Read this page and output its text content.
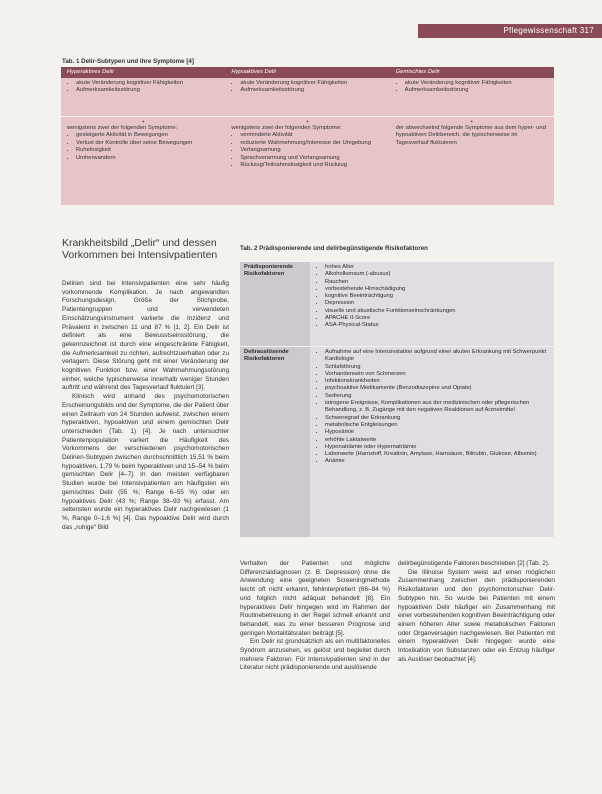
Pflegewissenschaft 317
Tab. 1 Delir-Subtypen und ihre Symptome [4]
Hyperaktives Delir	Hypoaktives Delir	Gemischtes Delir
• akute Veränderung kognitiver Fähigkeiten
• Aufmerksamkeitsstörung
• akute Veränderung kognitiver Fähigkeiten
• Aufmerksamkeitsstörung
• akute Veränderung kognitiver Fähigkeiten
• Aufmerksamkeitsstörung
+
wenigstens zwei der folgenden Symptome:
• gesteigerte Aktivität in Bewegungen
• Verlust der Kontrolle über seine Bewegungen
• Ruhelosigkeit
• Umherwandern
+
wenigstens zwei der folgenden Symptome:
• verminderte Aktivität
• reduzierte Wahrnehmung/Interesse der Umgebung
• Verlangsamung
• Sprachverarmung und Verlangsamung
• Rückzug/Teilnahmslosigkeit und Rückzug
+
der abwechselnd folgende Symptome aus dem hyper- und hypoaktiven Delirbereich, die typischerweise im Tagesverlauf fluktuieren
Krankheitsbild „Delir“ und dessen Vorkommen bei Intensivpatienten

Delirien sind bei Intensivpatienten eine sehr häufig vorkommende Komplikation. Je nach angewandten Forschungsdesign, Größe der Stichprobe, Patientengruppen und verwendeten Einschätzungsinstrument variierte die Inzidenz und Prävalenz in zwischen 11 und 87 % [1, 2]. Ein Delir ist definiert als eine Bewusstseinsstörung, die gekennzeichnet ist durch eine eingeschränkte Fähigkeit, die Aufmerksamkeit zu richten, aufrechtzuerhalten oder zu verlagern. Diese Störung geht mit einer Veränderung der kognitiven Funktion bzw. einer Wahrnehmungsstörung einher, welche typischerweise innerhalb weniger Stunden auftritt und während des Tagesverlauf fluktuiert [3].

Klinisch wird anhand des psychomotorischen Erscheinungsbilds und der Symptome, die der Patient über einen Zeitraum von 24 Stunden aufweist, zwischen einem hyperaktiven, hypoaktiven und einem gemischten Delir unterschieden (Tab. 1) [4]. Je nach untersuchter Patientenpopulation variiert die Häufigkeit des Vorkommens der verschiedenen psychomotorischen Delirien-Subtypen zwischen durchschnittlich 15,51 % beim hypoaktiven, 1,79 % beim hyperaktiven und 15–54 % beim gemischten Delir [4–7]. In den meisten verfügbaren Studien wurde bei Intensivpatienten am häufigsten ein gemischtes Delir (55 %; Range 6–55 %) oder ein hypoaktives Delir (43 %; Range 38–93 %) erfasst. Am seltensten wurde ein hyperaktives Delir nachgewiesen (1 %, Range 0–1,6 %) [4]. Das hypoaktive Delir wird durch das „ruhige“ Bild

Tab. 2 Prädisponierende und delirbegünstigende Risikofaktoren
Prädisponierende Risikofaktoren
• hohes Alter
• Alkoholkonsum (-abusus)
• Rauchen
• vorbestehende Hirnschädigung
• kognitive Beeinträchtigung
• Depression
• visuelle und akustische Funktionseinschränkungen
• APACHE II-Score
• ASA-Physical-Status
Delirauslösende Risikofaktoren
• Aufnahme auf eine Intensivstation aufgrund einer akuten Erkrankung mit Schwerpunkt Kardiologie
• Schlafstörung
• Vorhandensein von Schmerzen
• Infektionskrankheiten
• psychoaktive Medikamente (Benzodiazepine und Opiate)
• Sedierung
• iatrogene Ereignisse, Komplikationen aus der medizinischen oder pflegerischen Behandlung, z. B. Zugänge mit den negativen Reaktionen auf Arzneimittel
• Schweregrad der Erkrankung
• metabolische Entgleisungen
• Hypoxämie
• erhöhte Laktatwerte
• Hyponatriämie oder Hypernatriämie
• Laborwerte (Harnstoff, Kreatinin, Amylase, Harnsäure, Bilirubin, Glukose, Albumin)
• Anämie

Verhalten der Patienten und mögliche Differenzialdiagnosen (z. B. Depression) ohne die Anwendung eine geeigneten Screeningmethode leicht oft nicht erkannt, fehlinterpretiert (66–84 %) und folglich nicht adäquat behandelt [8]. Ein hyperaktives Delir hingegen wird im Rahmen der Routinebetreuung in der Regel schnell erkannt und behandelt, was zu einer besseren Prognose und geringen Mortalitätsraten beiträgt [5].

Ein Delir ist grundsätzlich als ein multifaktorielles Syndrom anzusehen, es gelöst und begleitet durch mehrere Faktoren. Für Intensivpatienten sind in der Literatur nicht prädisponierende und auslösende

delirbegünstigende Faktoren beschrieben [2] (Tab. 2).

Die Illinoise System weist auf einen möglichen Zusammenhang zwischen den prädisponierenden Risikofaktoren und den psychomotorischen Delir-Subtypen hin. So wurde bei Patienten mit einem hypoaktiven Delir häufiger ein Zusammenhang mit einer vorbestehenden kognitiven Beeinträchtigung oder einem höheren Alter sowie metabolischen Faktoren oder Organversagen nachgewiesen. Bei Patienten mit einem hyperaktiven Delir hingegen wurde eine Intoxikation von Substanzen oder ein Entzug häufiger als Auslöser beobachtet [4].
